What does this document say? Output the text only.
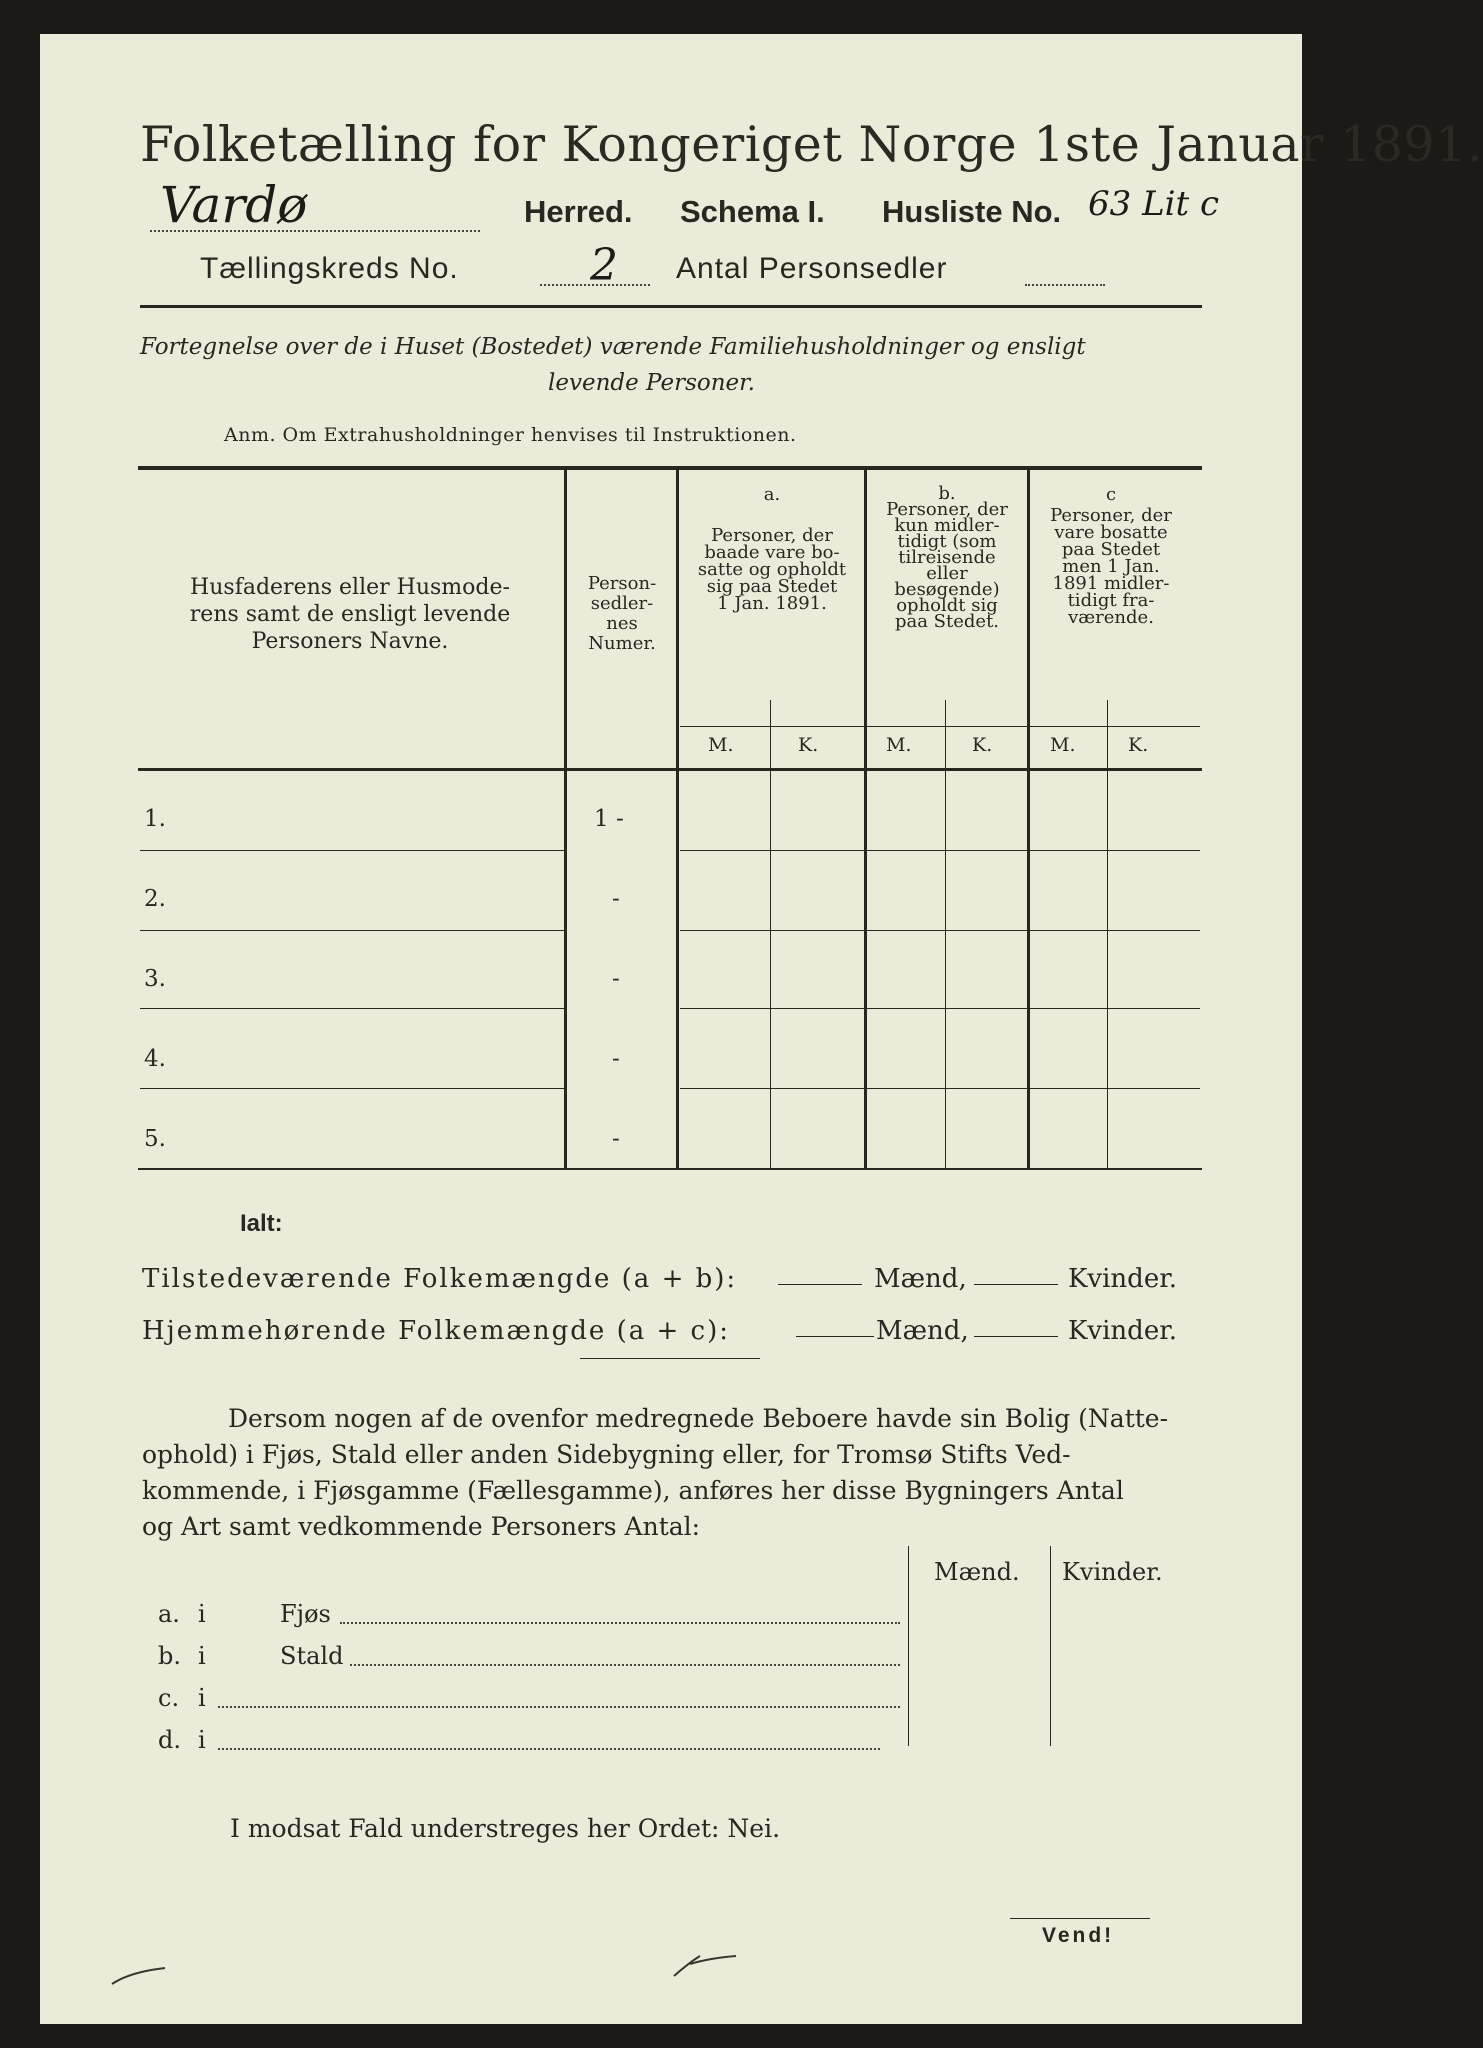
Folketælling for Kongeriget Norge 1ste Januar 1891.
Vardø	Herred. Schema I. Husliste No. 63 Lit c
Tællingskreds No.	2 Antal Personsedler
Fortegnelse over de i Huset (Bostedet) værende Familiehusholdninger og ensligt
levende Personer.
Anm. Om Extrahusholdninger henvises til Instruktionen.
Husfaderens eller Husmode-
rens samt de ensligt levende
Personers Navne.
Person-
sedler-
nes
Numer.
a.
Personer, der
baade vare bo-
satte og opholdt
sig paa Stedet
1 Jan. 1891.
b.
Personer, der
kun midler-
tidigt (som
tilreisende
eller
besøgende)
opholdt sig
paa Stedet.
c
Personer, der
vare bosatte
paa Stedet
men 1 Jan.
1891 midler-
tidigt fra-
værende.
M.	K.	M.	K.	M.	K.
1.	1 -
2.	-
3.	-
4.	-
5.	-
Ialt:
Tilstedeværende Folkemængde (a + b):	Mænd,	Kvinder.
Hjemmehørende Folkemængde (a + c):	Mænd,	Kvinder.
Dersom nogen af de ovenfor medregnede Beboere havde sin Bolig (Natte-
ophold) i Fjøs, Stald eller anden Sidebygning eller, for Tromsø Stifts Ved-
kommende, i Fjøsgamme (Fællesgamme), anføres her disse Bygningers Antal
og Art samt vedkommende Personers Antal:
Mænd. Kvinder.
a. i	Fjøs
b. i	Stald
c. i
d. i
I modsat Fald understreges her Ordet: Nei.
Vend!
